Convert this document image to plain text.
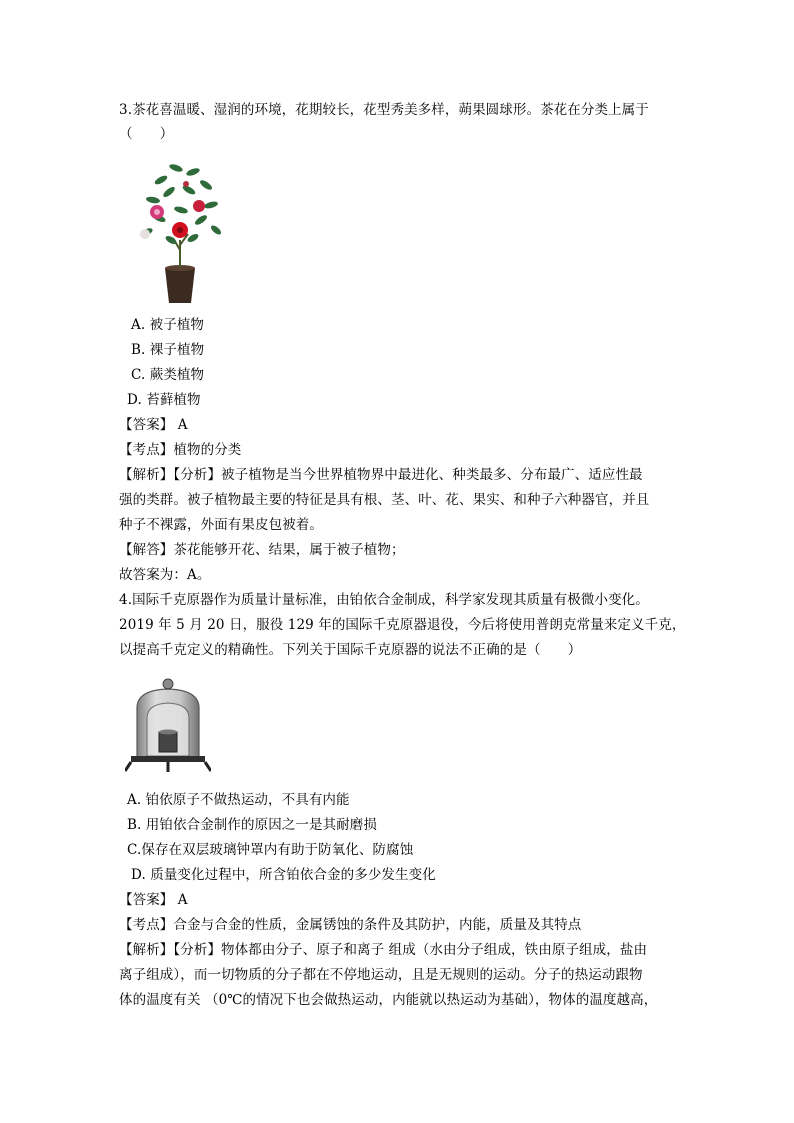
3.茶花喜温暖、湿润的环境，花期较长，花型秀美多样，蒴果圆球形。茶花在分类上属于
（　　）
A. 被子植物
B. 裸子植物
C. 蕨类植物
D. 苔藓植物
【答案】 A
【考点】植物的分类
【解析】【分析】被子植物是当今世界植物界中最进化、种类最多、分布最广、适应性最
强的类群。被子植物最主要的特征是具有根、茎、叶、花、果实、和种子六种器官，并且
种子不裸露，外面有果皮包被着。
【解答】茶花能够开花、结果，属于被子植物；
故答案为：A。
4.国际千克原器作为质量计量标准，由铂依合金制成，科学家发现其质量有极微小变化。
2019 年 5 月 20 日，服役 129 年的国际千克原器退役，今后将使用普朗克常量来定义千克，
以提高千克定义的精确性。下列关于国际千克原器的说法不正确的是（　　）
A. 铂依原子不做热运动，不具有内能
B. 用铂依合金制作的原因之一是其耐磨损
C.保存在双层玻璃钟罩内有助于防氧化、防腐蚀
D. 质量变化过程中，所含铂依合金的多少发生变化
【答案】 A
【考点】合金与合金的性质，金属锈蚀的条件及其防护，内能，质量及其特点
【解析】【分析】物体都由分子、原子和离子 组成（水由分子组成，铁由原子组成，盐由
离子组成），而一切物质的分子都在不停地运动，且是无规则的运动。分子的热运动跟物
体的温度有关 （0℃的情况下也会做热运动，内能就以热运动为基础），物体的温度越高，
